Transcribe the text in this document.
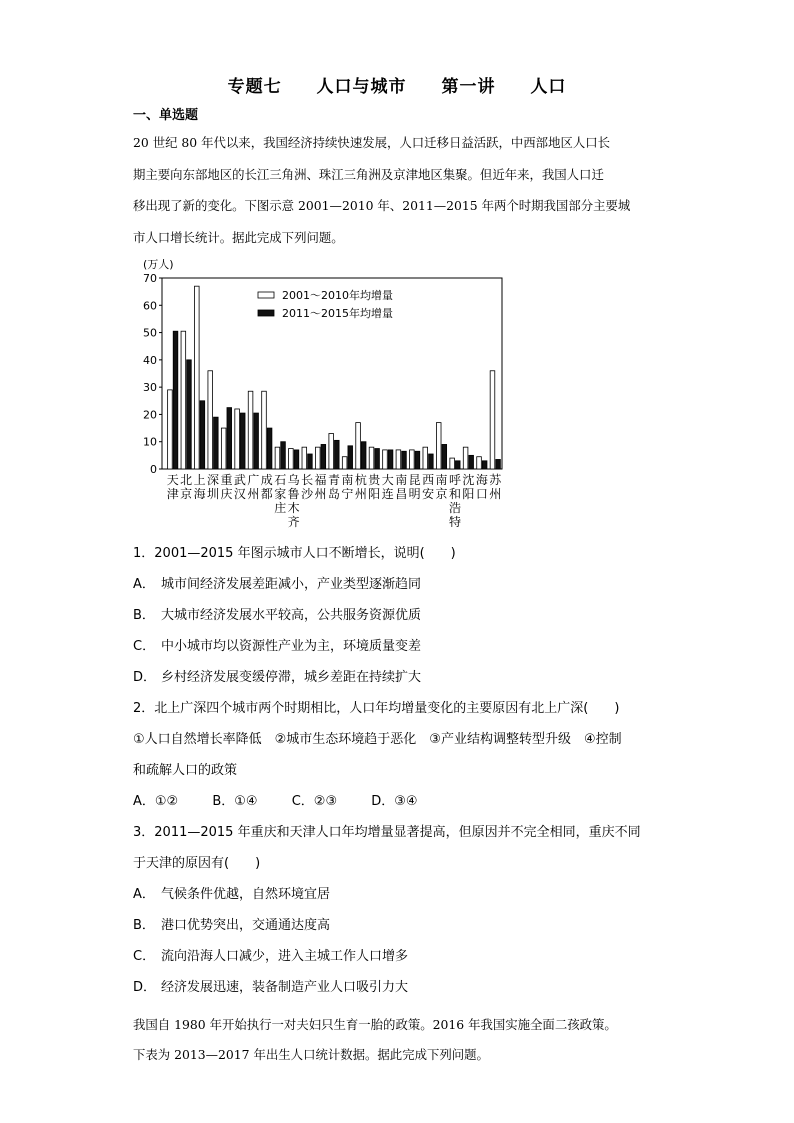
专题七 人口与城市 第一讲 人口
一、单选题
20 世纪 80 年代以来，我国经济持续快速发展，人口迁移日益活跃，中西部地区人口长
期主要向东部地区的长江三角洲、珠江三角洲及京津地区集聚。但近年来，我国人口迁
移出现了新的变化。下图示意 2001—2010 年、2011—2015 年两个时期我国部分主要城
市人口增长统计。据此完成下列问题。
(万人)
0
10
20
30
40
50
60
70
天
津
北
京
上
海
深
圳
重
庆
武
汉
广
州
成
都
石
家
庄
乌
鲁
木
齐
长
沙
福
州
青
岛
南
宁
杭
州
贵
阳
大
连
南
昌
昆
明
西
安
南
京
呼
和
浩
特
沈
阳
海
口
苏
州
2001～2010年均增量
2011～2015年均增量
1．2001—2015 年图示城市人口不断增长，说明(　　)
A． 城市间经济发展差距减小，产业类型逐渐趋同
B． 大城市经济发展水平较高，公共服务资源优质
C． 中小城市均以资源性产业为主，环境质量变差
D． 乡村经济发展变缓停滞，城乡差距在持续扩大
2．北上广深四个城市两个时期相比，人口年均增量变化的主要原因有北上广深(　　)
①人口自然增长率降低　②城市生态环境趋于恶化　③产业结构调整转型升级　④控制
和疏解人口的政策
A．①②	B．①④	C．②③	D．③④
3．2011—2015 年重庆和天津人口年均增量显著提高，但原因并不完全相同，重庆不同
于天津的原因有(　　)
A． 气候条件优越，自然环境宜居
B． 港口优势突出，交通通达度高
C． 流向沿海人口减少，进入主城工作人口增多
D． 经济发展迅速，装备制造产业人口吸引力大
我国自 1980 年开始执行一对夫妇只生育一胎的政策。2016 年我国实施全面二孩政策。
下表为 2013—2017 年出生人口统计数据。据此完成下列问题。
